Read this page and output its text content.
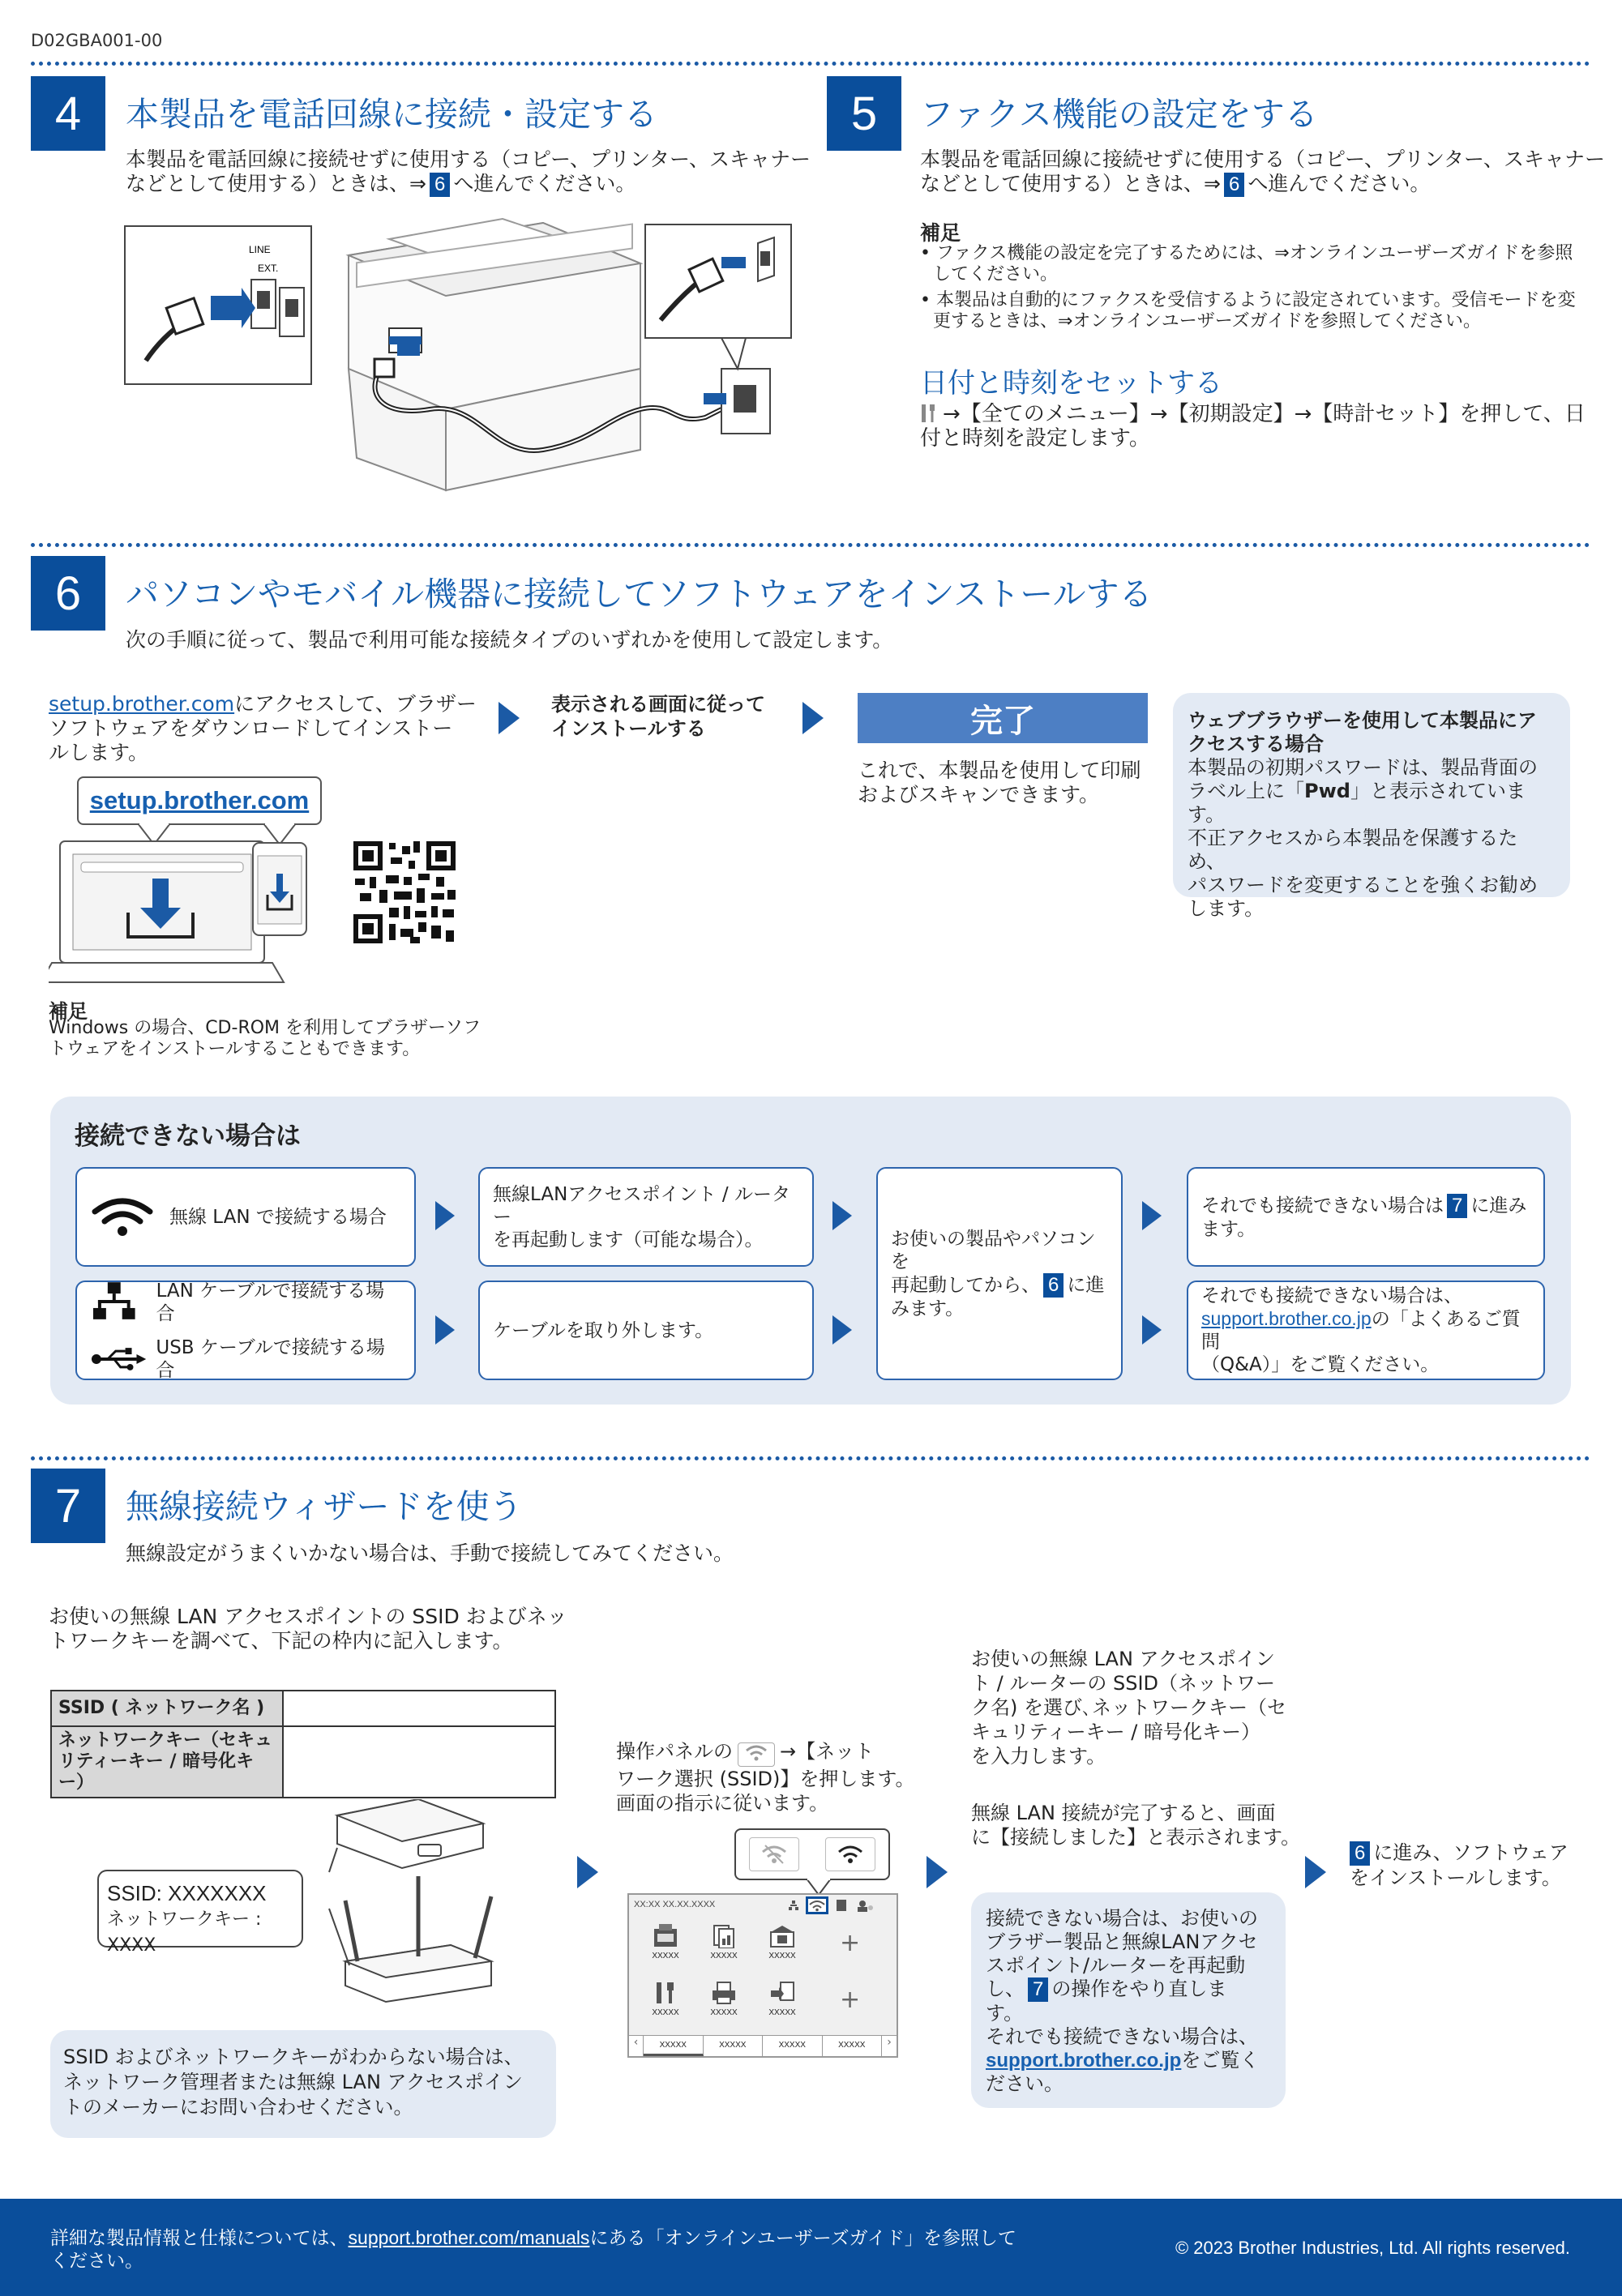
D02GBA001-00
4	本製品を電話回線に接続・設定する
本製品を電話回線に接続せずに使用する（コピー、プリンター、スキャナー
などとして使用する）ときは、⇒ 6 へ進んでください。
LINE
EXT.
5	ファクス機能の設定をする
本製品を電話回線に接続せずに使用する（コピー、プリンター、スキャナー
などとして使用する）ときは、⇒ 6 へ進んでください。
補足
• ファクス機能の設定を完了するためには、⇒オンラインユーザーズガイドを参照
してください。
• 本製品は自動的にファクスを受信するように設定されています。受信モードを変
更するときは、⇒オンラインユーザーズガイドを参照してください。
日付と時刻をセットする
→【全てのメニュー】→【初期設定】→【時計セット】を押して、日
付と時刻を設定します。
6	パソコンやモバイル機器に接続してソフトウェアをインストールする
次の手順に従って、製品で利用可能な接続タイプのいずれかを使用して設定します。
setup.brother.comにアクセスして、ブラザー
ソフトウェアをダウンロードしてインストー
ルします。
setup.brother.com
補足
Windows の場合、CD-ROM を利用してブラザーソフ
トウェアをインストールすることもできます。
表示される画面に従って
インストールする	完了
これで、本製品を使用して印刷
およびスキャンできます。
ウェブブラウザーを使用して本製品にア
クセスする場合
本製品の初期パスワードは、製品背面の
ラベル上に「Pwd」と表示されています。
不正アクセスから本製品を保護するため、
パスワードを変更することを強くお勧め
します。
接続できない場合は
無線 LAN で接続する場合
LAN ケーブルで接続する場合
USB ケーブルで接続する場合
無線LANアクセスポイント / ルーター
を再起動します（可能な場合）。
ケーブルを取り外します。
お使いの製品やパソコンを
再起動してから、 6 に進
みます。
それでも接続できない場合は 7 に進み
ます。
それでも接続できない場合は、
support.brother.co.jpの「よくあるご質問
（Q&A）」をご覧ください。
7	無線接続ウィザードを使う
無線設定がうまくいかない場合は、手動で接続してみてください。
お使いの無線 LAN アクセスポイントの SSID およびネッ
トワークキーを調べて、下記の枠内に記入します。
SSID ( ネットワーク名 )	

ネットワークキー（セキュ
リティーキー / 暗号化キー）	

SSID: XXXXXXX
ネットワークキー : XXXX
SSID およびネットワークキーがわからない場合は、
ネットワーク管理者または無線 LAN アクセスポイン
トのメーカーにお問い合わせください。
操作パネルの →【ネット
ワーク選択 (SSID)】を押します。
画面の指示に従います。
XX:XX XX.XX.XXXX
XXXXX	XXXXX	XXXXX	+
XXXXX	XXXXX	XXXXX	+
‹	XXXXX	XXXXX	XXXXX	XXXXX	›
お使いの無線 LAN アクセスポイン
ト / ルーターの SSID（ネットワー
ク名) を選び､ネットワークキー（セ
キュリティーキー / 暗号化キー）
を入力します。
無線 LAN 接続が完了すると、画面
に【接続しました】と表示されます。
接続できない場合は、お使いの
ブラザー製品と無線LANアクセ
スポイント/ルーターを再起動
し、 7 の操作をやり直しま
す。
それでも接続できない場合は、
support.brother.co.jpをご覧く
ださい。
6 に進み、ソフトウェア
をインストールします。
詳細な製品情報と仕様については、support.brother.com/manualsにある「オンラインユーザーズガイド」を参照して
ください。
© 2023 Brother Industries, Ltd. All rights reserved.
